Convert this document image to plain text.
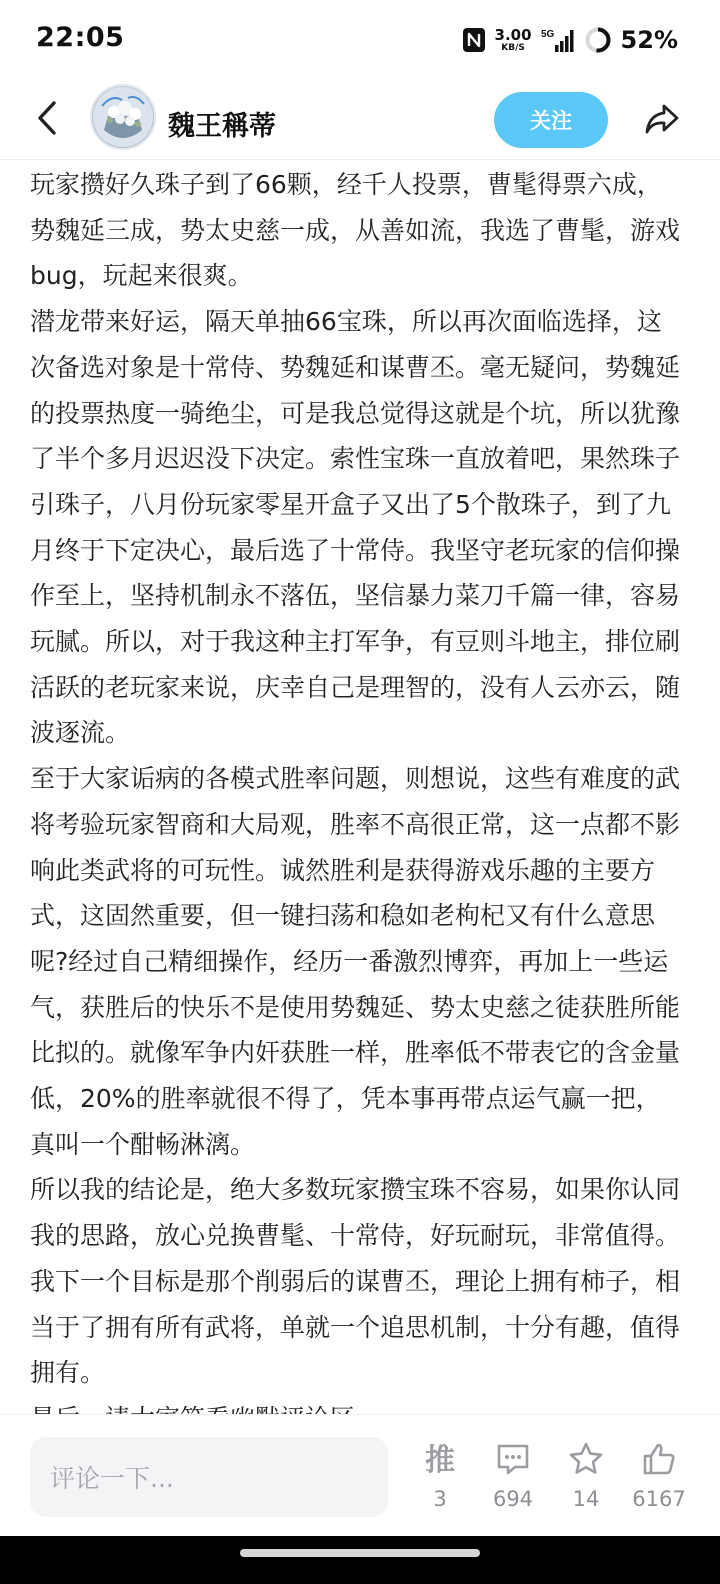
22:05	3.00
KB/S
5G	52%
魏王稱蒂	关注

玩家攒好久珠子到了66颗，经千人投票，曹髦得票六成，势魏延三成，势太史慈一成，从善如流，我选了曹髦，游戏bug，玩起来很爽。

潜龙带来好运，隔天单抽66宝珠，所以再次面临选择，这次备选对象是十常侍、势魏延和谋曹丕。毫无疑问，势魏延的投票热度一骑绝尘，可是我总觉得这就是个坑，所以犹豫了半个多月迟迟没下决定。索性宝珠一直放着吧，果然珠子引珠子，八月份玩家零星开盒子又出了5个散珠子，到了九月终于下定决心，最后选了十常侍。我坚守老玩家的信仰操作至上，坚持机制永不落伍，坚信暴力菜刀千篇一律，容易玩腻。所以，对于我这种主打军争，有豆则斗地主，排位刷活跃的老玩家来说，庆幸自己是理智的，没有人云亦云，随波逐流。

至于大家诟病的各模式胜率问题，则想说，这些有难度的武将考验玩家智商和大局观，胜率不高很正常，这一点都不影响此类武将的可玩性。诚然胜利是获得游戏乐趣的主要方式，这固然重要，但一键扫荡和稳如老枸杞又有什么意思呢?经过自己精细操作，经历一番激烈博弈，再加上一些运气，获胜后的快乐不是使用势魏延、势太史慈之徒获胜所能比拟的。就像军争内奸获胜一样，胜率低不带表它的含金量低，20%的胜率就很不得了，凭本事再带点运气赢一把，真叫一个酣畅淋漓。

所以我的结论是，绝大多数玩家攒宝珠不容易，如果你认同我的思路，放心兑换曹髦、十常侍，好玩耐玩，非常值得。我下一个目标是那个削弱后的谋曹丕，理论上拥有柿子，相当于了拥有所有武将，单就一个追思机制，十分有趣，值得拥有。

评论一下...
推
3 694 14 6167
